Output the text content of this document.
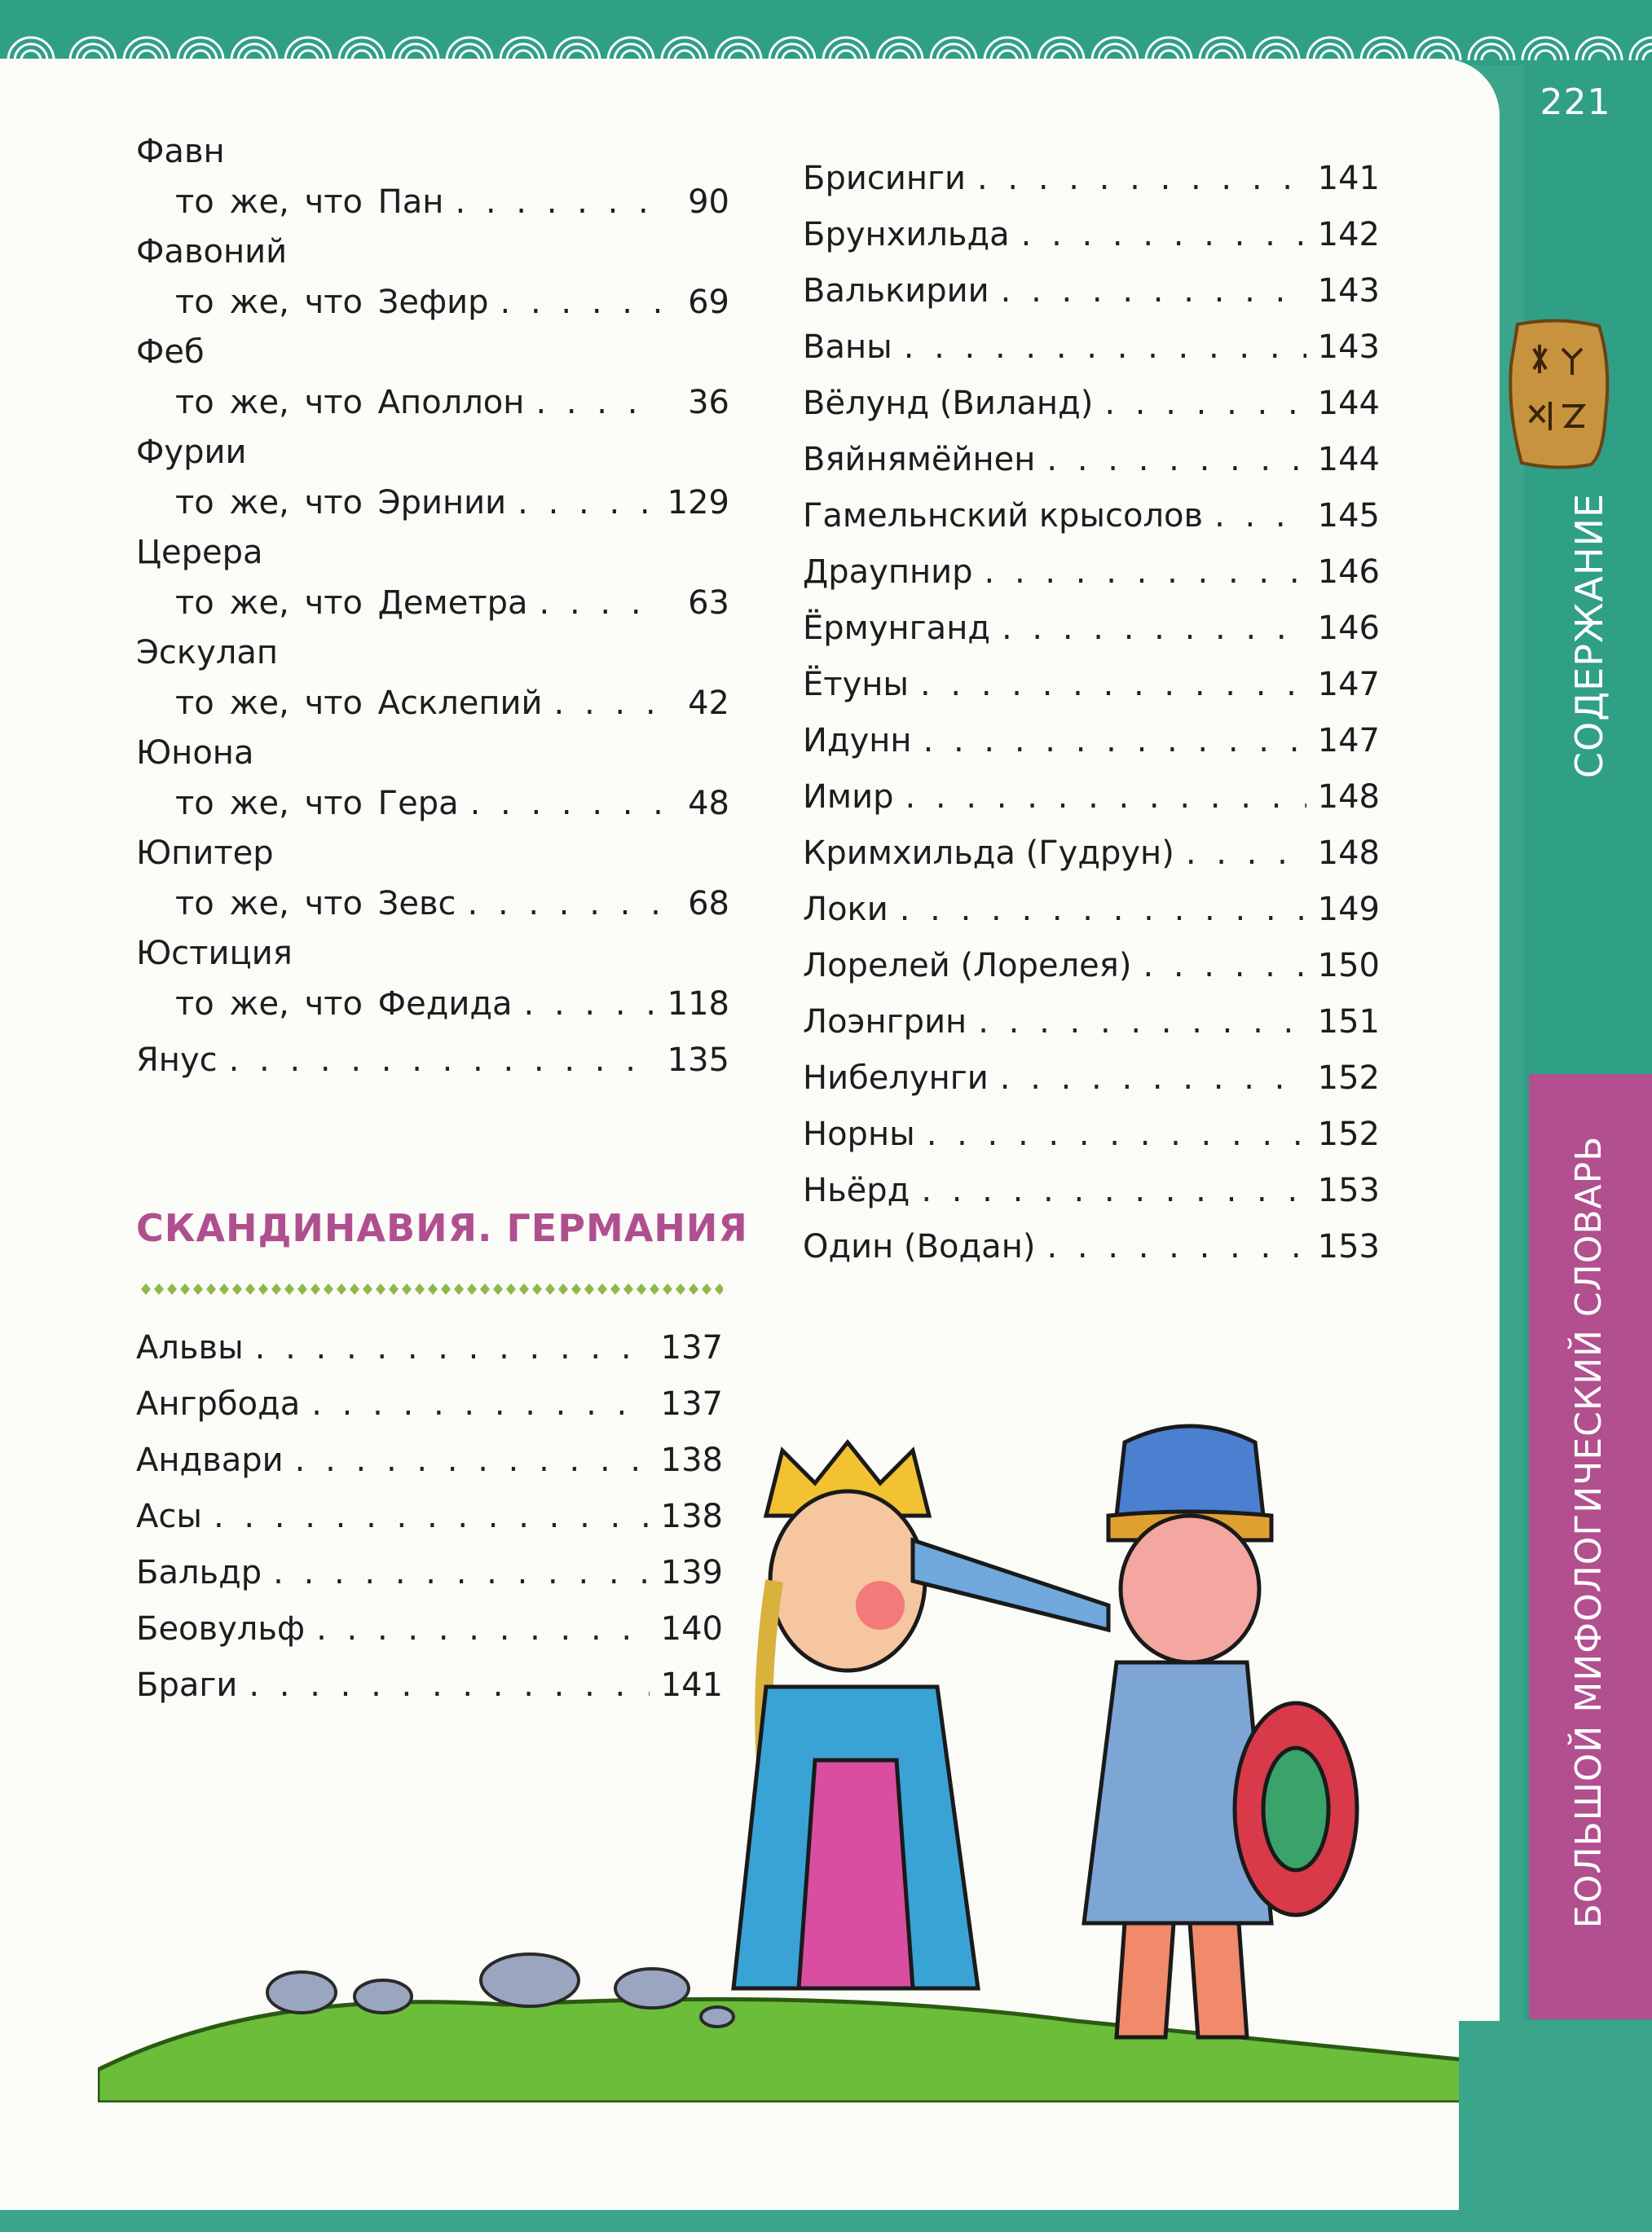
221
СОДЕРЖАНИЕ
БОЛЬШОЙ МИФОЛОГИЧЕСКИЙ СЛОВАРЬ
Фавн
то же, что Пан . . .	90
Фавоний
то же, что Зефир . . .	69
Феб
то же, что Аполлон . . .	36
Фурии
то же, что Эринии . . .	129
Церера
то же, что Деметра . . .	63
Эскулап
то же, что Асклепий . . .	42
Юнона
то же, что Гера . . .	48
Юпитер
то же, что Зевс . . .	68
Юстиция
то же, что Федида . . .	118
Янус . . .	135
СКАНДИНАВИЯ. ГЕРМАНИЯ
Альвы . . .	137
Ангрбода . . .	137
Андвари . . .	138
Асы . . .	138
Бальдр . . .	139
Беовульф . . .	140
Браги . . .	141
Брисинги . . .	141
Брунхильда . . .	142
Валькирии . . .	143
Ваны . . .	143
Вёлунд (Виланд) . . .	144
Вяйнямёйнен . . .	144
Гамельнский крысолов . . .	145
Драупнир . . .	146
Ёрмунганд . . .	146
Ётуны . . .	147
Идунн . . .	147
Имир . . .	148
Кримхильда (Гудрун) . . .	148
Локи . . .	149
Лорелей (Лорелея) . . .	150
Лоэнгрин . . .	151
Нибелунги . . .	152
Норны . . .	152
Ньёрд . . .	153
Один (Водан) . . .	153
